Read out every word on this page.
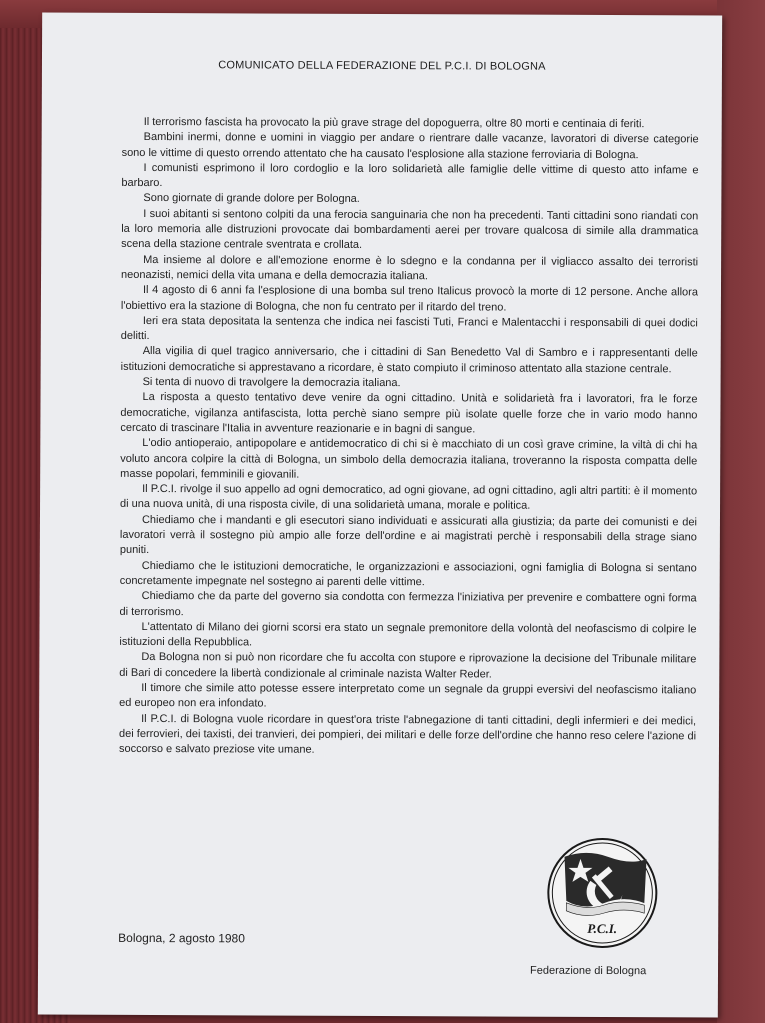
COMUNICATO DELLA FEDERAZIONE DEL P.C.I. DI BOLOGNA

Il terrorismo fascista ha provocato la più grave strage del dopoguerra, oltre 80 morti e centinaia di feriti.

Bambini inermi, donne e uomini in viaggio per andare o rientrare dalle vacanze, lavoratori di diverse categorie sono le vittime di questo orrendo attentato che ha causato l'esplosione alla stazione ferroviaria di Bologna.

I comunisti esprimono il loro cordoglio e la loro solidarietà alle famiglie delle vittime di questo atto infame e barbaro.

Sono giornate di grande dolore per Bologna.

I suoi abitanti si sentono colpiti da una ferocia sanguinaria che non ha precedenti. Tanti cittadini sono riandati con la loro memoria alle distruzioni provocate dai bombardamenti aerei per trovare qualcosa di simile alla drammatica scena della stazione centrale sventrata e crollata.

Ma insieme al dolore e all'emozione enorme è lo sdegno e la condanna per il vigliacco assalto dei terroristi neonazisti, nemici della vita umana e della democrazia italiana.

Il 4 agosto di 6 anni fa l'esplosione di una bomba sul treno Italicus provocò la morte di 12 persone. Anche allora l'obiettivo era la stazione di Bologna, che non fu centrato per il ritardo del treno.

Ieri era stata depositata la sentenza che indica nei fascisti Tuti, Franci e Malentacchi i responsabili di quei dodici delitti.

Alla vigilia di quel tragico anniversario, che i cittadini di San Benedetto Val di Sambro e i rappresentanti delle istituzioni democratiche si apprestavano a ricordare, è stato compiuto il criminoso attentato alla stazione centrale.

Si tenta di nuovo di travolgere la democrazia italiana.

La risposta a questo tentativo deve venire da ogni cittadino. Unità e solidarietà fra i lavoratori, fra le forze democratiche, vigilanza antifascista, lotta perchè siano sempre più isolate quelle forze che in vario modo hanno cercato di trascinare l'Italia in avventure reazionarie e in bagni di sangue.

L'odio antioperaio, antipopolare e antidemocratico di chi si è macchiato di un così grave crimine, la viltà di chi ha voluto ancora colpire la città di Bologna, un simbolo della democrazia italiana, troveranno la risposta compatta delle masse popolari, femminili e giovanili.

Il P.C.I. rivolge il suo appello ad ogni democratico, ad ogni giovane, ad ogni cittadino, agli altri partiti: è il momento di una nuova unità, di una risposta civile, di una solidarietà umana, morale e politica.

Chiediamo che i mandanti e gli esecutori siano individuati e assicurati alla giustizia; da parte dei comunisti e dei lavoratori verrà il sostegno più ampio alle forze dell'ordine e ai magistrati perchè i responsabili della strage siano puniti.

Chiediamo che le istituzioni democratiche, le organizzazioni e associazioni, ogni famiglia di Bologna si sentano concretamente impegnate nel sostegno ai parenti delle vittime.

Chiediamo che da parte del governo sia condotta con fermezza l'iniziativa per prevenire e combattere ogni forma di terrorismo.

L'attentato di Milano dei giorni scorsi era stato un segnale premonitore della volontà del neofascismo di colpire le istituzioni della Repubblica.

Da Bologna non si può non ricordare che fu accolta con stupore e riprovazione la decisione del Tribunale militare di Bari di concedere la libertà condizionale al criminale nazista Walter Reder.

Il timore che simile atto potesse essere interpretato come un segnale da gruppi eversivi del neofascismo italiano ed europeo non era infondato.

Il P.C.I. di Bologna vuole ricordare in quest'ora triste l'abnegazione di tanti cittadini, degli infermieri e dei medici, dei ferrovieri, dei taxisti, dei tranvieri, dei pompieri, dei militari e delle forze dell'ordine che hanno reso celere l'azione di soccorso e salvato preziose vite umane.

Bologna, 2 agosto 1980
P.C.I.
Federazione di Bologna
